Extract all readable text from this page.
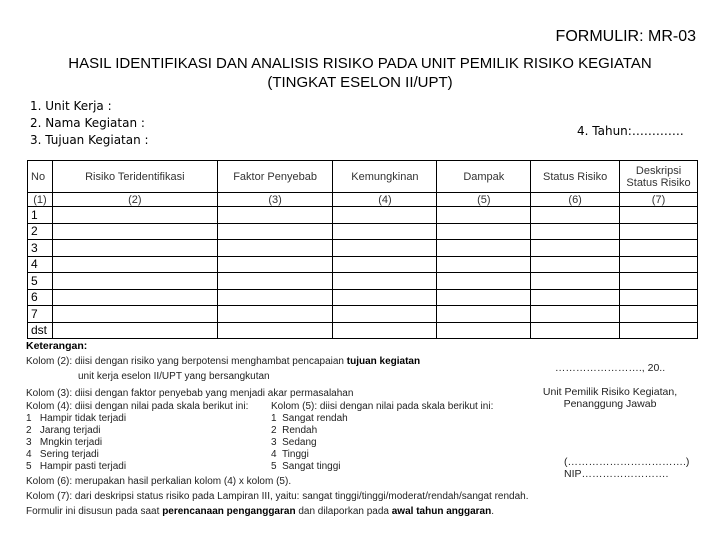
FORMULIR: MR-03
HASIL IDENTIFIKASI DAN ANALISIS RISIKO PADA UNIT PEMILIK RISIKO KEGIATAN
(TINGKAT ESELON II/UPT)
1. Unit Kerja :
2. Nama Kegiatan :
3. Tujuan Kegiatan :
4. Tahun:………….
No	Risiko Teridentifikasi	Faktor Penyebab	Kemungkinan	Dampak	Status Risiko	Deskripsi Status Risiko
(1)	(2)	(3)	(4)	(5)	(6)	(7)
1						
2						
3						
4						
5						
6						
7						
dst						
Keterangan:
Kolom (2): diisi dengan risiko yang berpotensi menghambat pencapaian tujuan kegiatan
unit kerja eselon II/UPT yang bersangkutan
Kolom (3): diisi dengan faktor penyebab yang menjadi akar permasalahan
Kolom (4): diisi dengan nilai pada skala berikut ini: Kolom (5): diisi dengan nilai pada skala berikut ini:
1   Hampir tidak terjadi
2   Jarang terjadi
3   Mngkin terjadi
4   Sering terjadi
5   Hampir pasti terjadi
1  Sangat rendah
2  Rendah
3  Sedang
4  Tinggi
5  Sangat tinggi
Kolom (6): merupakan hasil perkalian kolom (4) x kolom (5).
Kolom (7): dari deskripsi status risiko pada Lampiran III, yaitu: sangat tinggi/tinggi/moderat/rendah/sangat rendah.
Formulir ini disusun pada saat perencanaan penganggaran dan dilaporkan pada awal tahun anggaran.
……………………., 20..
Unit Pemilik Risiko Kegiatan,
Penanggung Jawab
(…………………………….)
NIP…………………….
